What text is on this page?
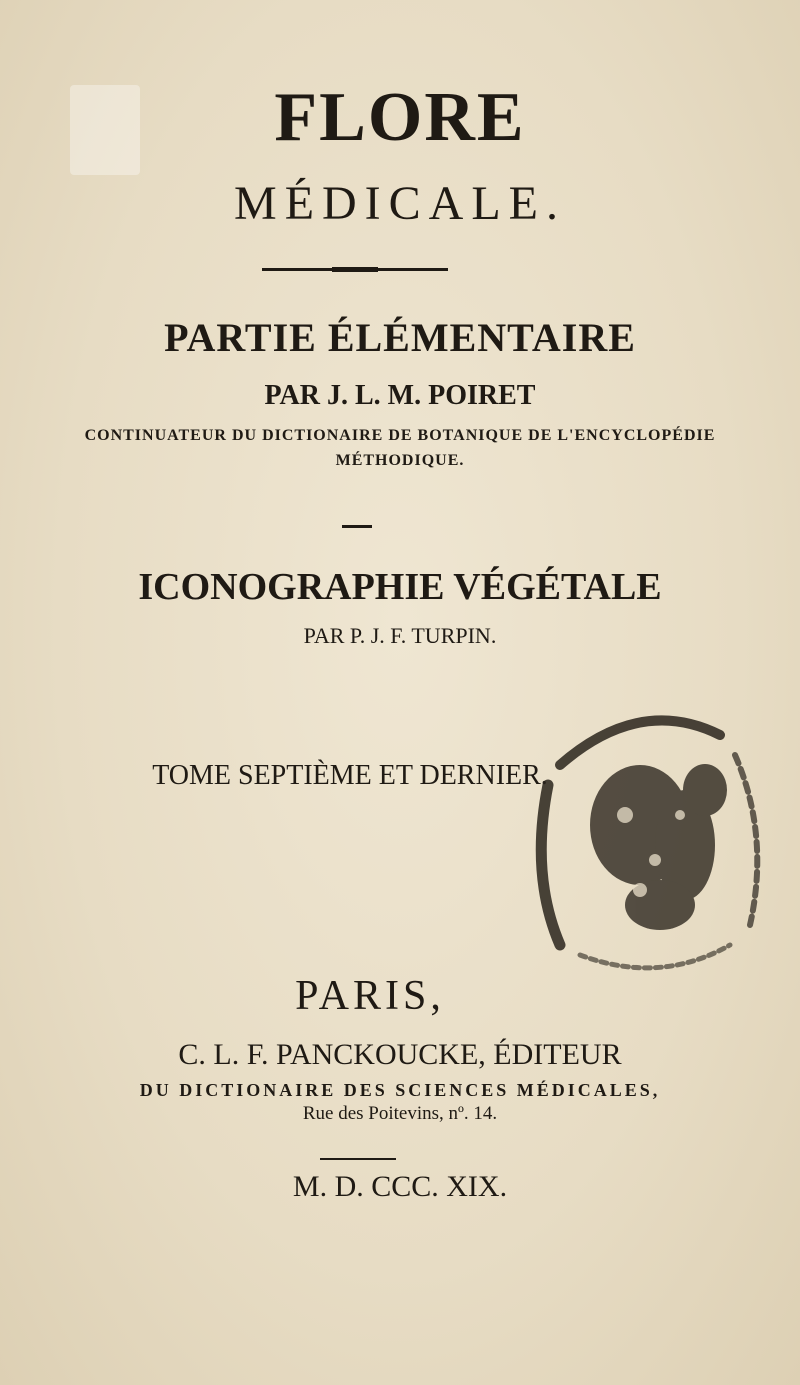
FLORE

MÉDICALE.

PARTIE ÉLÉMENTAIRE

PAR J. L. M. POIRET

CONTINUATEUR DU DICTIONAIRE DE BOTANIQUE DE L'ENCYCLOPÉDIE

MÉTHODIQUE.

ICONOGRAPHIE VÉGÉTALE

PAR P. J. F. TURPIN.

TOME SEPTIÈME ET DERNIER.

PARIS,

C. L. F. PANCKOUCKE, ÉDITEUR

DU DICTIONAIRE DES SCIENCES MÉDICALES,

Rue des Poitevins, nº. 14.

M. D. CCC. XIX.
